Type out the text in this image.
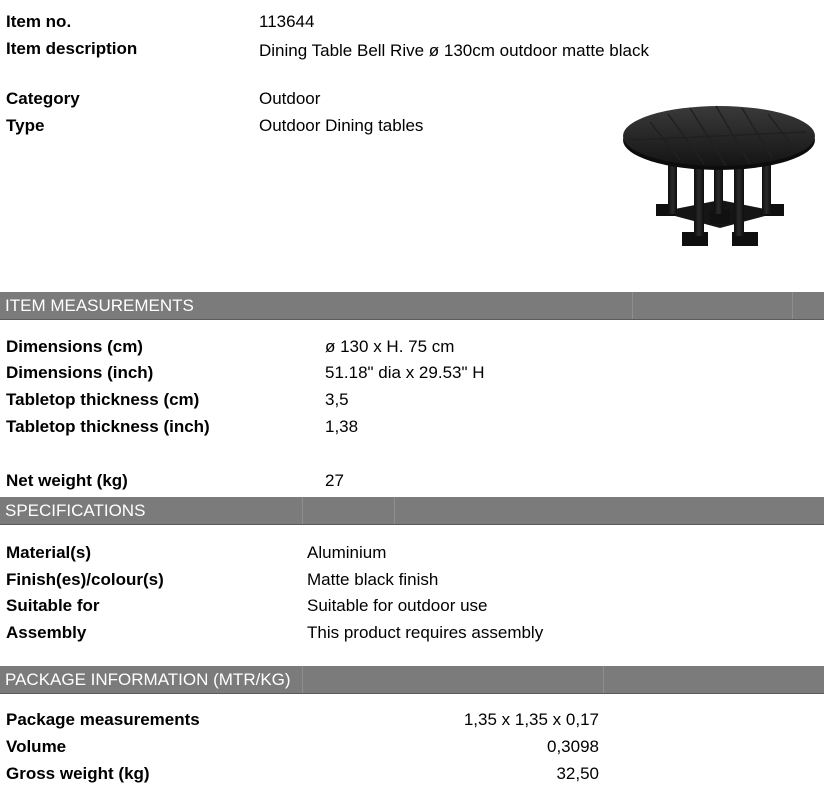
Item no.	113644
Item description	Dining Table Bell Rive ø 130cm outdoor matte black
Category	Outdoor
Type	Outdoor Dining tables
ITEM MEASUREMENTS
Dimensions (cm)	ø 130 x H. 75 cm
Dimensions (inch)	51.18" dia x 29.53" H
Tabletop thickness (cm)	3,5
Tabletop thickness (inch)	1,38
Net weight (kg)	27
SPECIFICATIONS
Material(s)	Aluminium
Finish(es)/colour(s)	Matte black finish
Suitable for	Suitable for outdoor use
Assembly	This product requires assembly
PACKAGE INFORMATION (MTR/KG)
Package measurements	1,35 x 1,35 x 0,17
Volume	0,3098
Gross weight (kg)	32,50
